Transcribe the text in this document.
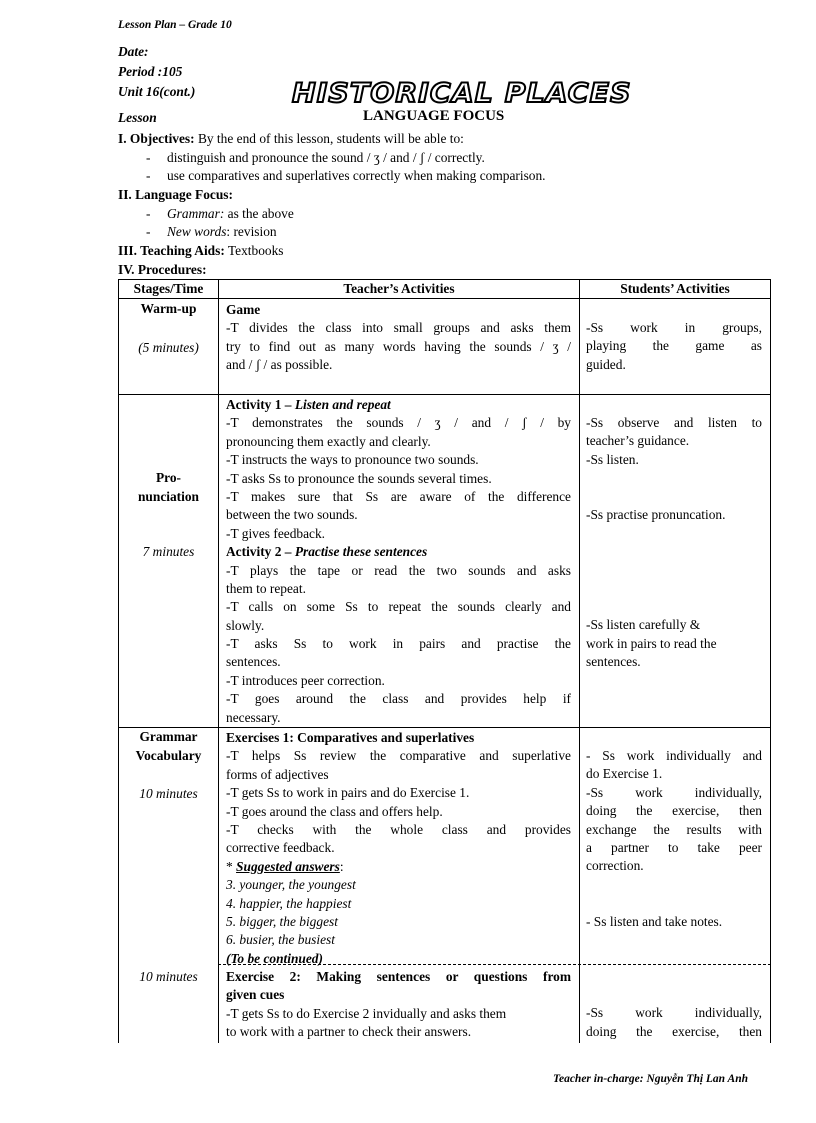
Lesson Plan – Grade 10
Date:
Period :105
Unit 16(cont.)
Lesson
HISTORICAL PLACES
LANGUAGE FOCUS
I. Objectives: By the end of this lesson, students will be able to:
- distinguish and pronounce the sound / ʒ / and / ʃ / correctly.
- use comparatives and superlatives correctly when making comparison.
II. Language Focus:
- Grammar: as the above
- New words: revision
III. Teaching Aids: Textbooks
IV. Procedures:
Stages/Time	Teacher’s Activities	Students’ Activities
Warm-up
(5 minutes)
Game
-T divides the class into small groups and asks them
try to find out as many words having the sounds / ʒ /
and / ʃ / as possible.
-Ss work in groups,
playing the game as
guided.
Pro-
nunciation
7 minutes
Activity 1 – Listen and repeat
-T demonstrates the sounds / ʒ / and / ʃ / by
pronouncing them exactly and clearly.
-T instructs the ways to pronounce two sounds.
-T asks Ss to pronounce the sounds several times.
-T makes sure that Ss are aware of the difference
between the two sounds.
-T gives feedback.
Activity 2 – Practise these sentences
-T plays the tape or read the two sounds and asks
them to repeat.
-T calls on some Ss to repeat the sounds clearly and
slowly.
-T asks Ss to work in pairs and practise the
sentences.
-T introduces peer correction.
-T goes around the class and provides help if
necessary.
-Ss observe and listen to
teacher’s guidance.
-Ss listen.
-Ss practise pronuncation.
-Ss listen carefully &
work in pairs to read the
sentences.
Grammar
Vocabulary
10 minutes
10 minutes
Exercises 1: Comparatives and superlatives
-T helps Ss review the comparative and superlative
forms of adjectives
-T gets Ss to work in pairs and do Exercise 1.
-T goes around the class and offers help.
-T checks with the whole class and provides
corrective feedback.
* Suggested answers:
3. younger, the youngest
4. happier, the happiest
5. bigger, the biggest
6. busier, the busiest
(To be continued)
Exercise 2: Making sentences or questions from
given cues
-T gets Ss to do Exercise 2 invidually and asks them
to work with a partner to check their answers.
- Ss work individually and
do Exercise 1.
-Ss work individually,
doing the exercise, then
exchange the results with
a partner to take peer
correction.
- Ss listen and take notes.
-Ss work individually,
doing the exercise, then
Teacher in-charge: Nguyễn Thị Lan Anh
